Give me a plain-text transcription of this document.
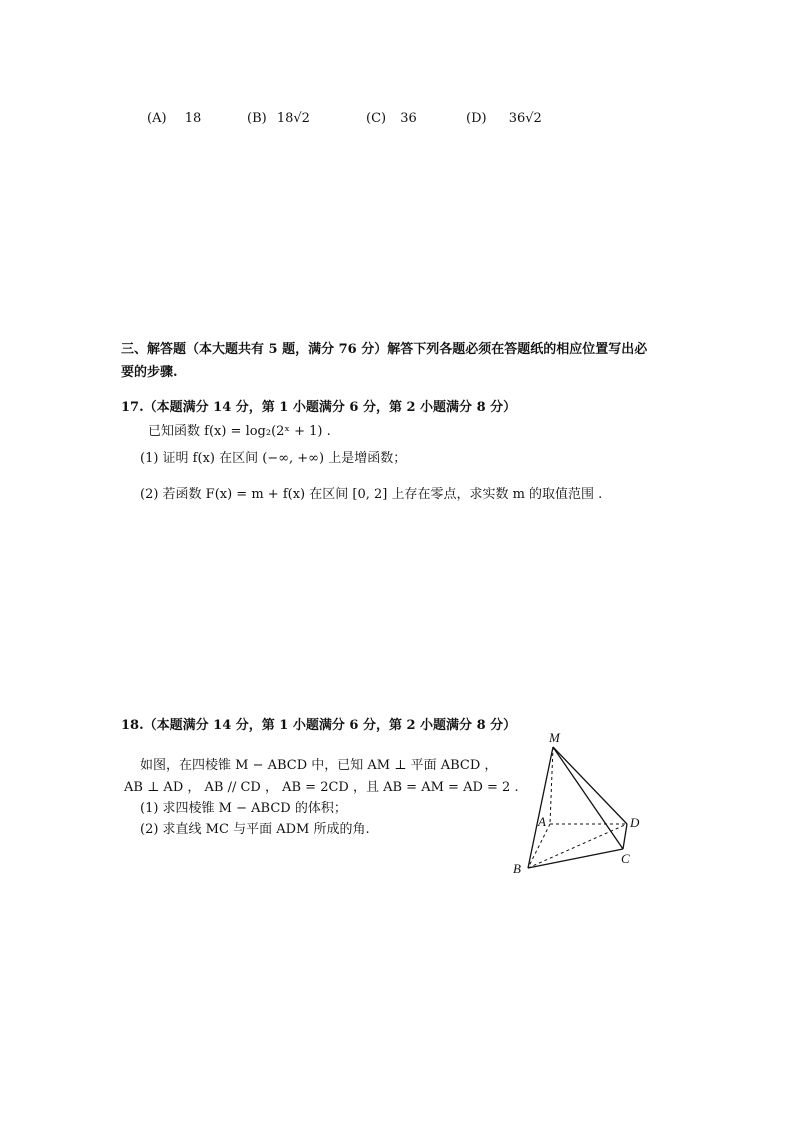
(A) 18	(B) 18√2	(C) 36	(D) 36√2
三、解答题（本大题共有 5 题，满分 76 分）解答下列各题必须在答题纸的相应位置写出必
要的步骤.
17.（本题满分 14 分，第 1 小题满分 6 分，第 2 小题满分 8 分）
已知函数 f(x) = log₂(2ˣ + 1) .
(1) 证明 f(x) 在区间 (−∞, +∞) 上是增函数；
(2) 若函数 F(x) = m + f(x) 在区间 [0, 2] 上存在零点，求实数 m 的取值范围 .
18.（本题满分 14 分，第 1 小题满分 6 分，第 2 小题满分 8 分）
如图，在四棱锥 M − ABCD 中，已知 AM ⊥ 平面 ABCD ，
AB ⊥ AD ， AB // CD ， AB = 2CD ，且 AB = AM = AD = 2 .
(1) 求四棱锥 M − ABCD 的体积；
(2) 求直线 MC 与平面 ADM 所成的角.
M
A	D
C
B
